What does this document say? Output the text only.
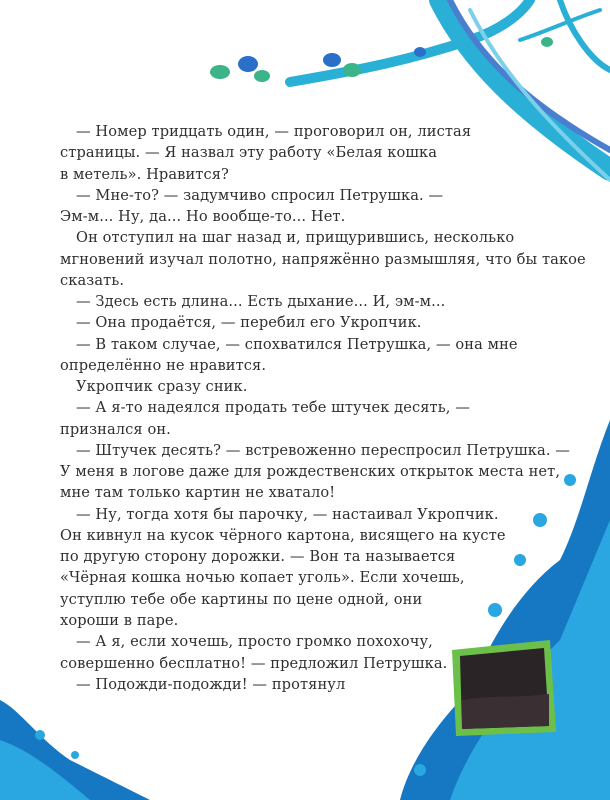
— Номер тридцать один, — проговорил он, листая
страницы. — Я назвал эту работу «Белая кошка
в метель». Нравится?
— Мне-то? — задумчиво спросил Петрушка. —
Эм-м... Ну, да... Но вообще-то... Нет.
Он отступил на шаг назад и, прищурившись, несколько
мгновений изучал полотно, напряжённо размышляя, что бы такое
сказать.
— Здесь есть длина... Есть дыхание... И, эм-м...
— Она продаётся, — перебил его Укропчик.
— В таком случае, — спохватился Петрушка, — она мне
определённо не нравится.
Укропчик сразу сник.
— А я-то надеялся продать тебе штучек десять, —
признался он.
— Штучек десять? — встревоженно переспросил Петрушка. —
У меня в логове даже для рождественских открыток места нет,
мне там только картин не хватало!
— Ну, тогда хотя бы парочку, — настаивал Укропчик.
Он кивнул на кусок чёрного картона, висящего на кусте
по другую сторону дорожки. — Вон та называется
«Чёрная кошка ночью копает уголь». Если хочешь,
уступлю тебе обе картины по цене одной, они
хороши в паре.
— А я, если хочешь, просто громко похохочу,
совершенно бесплатно! — предложил Петрушка.
— Подожди-подожди! — протянул
